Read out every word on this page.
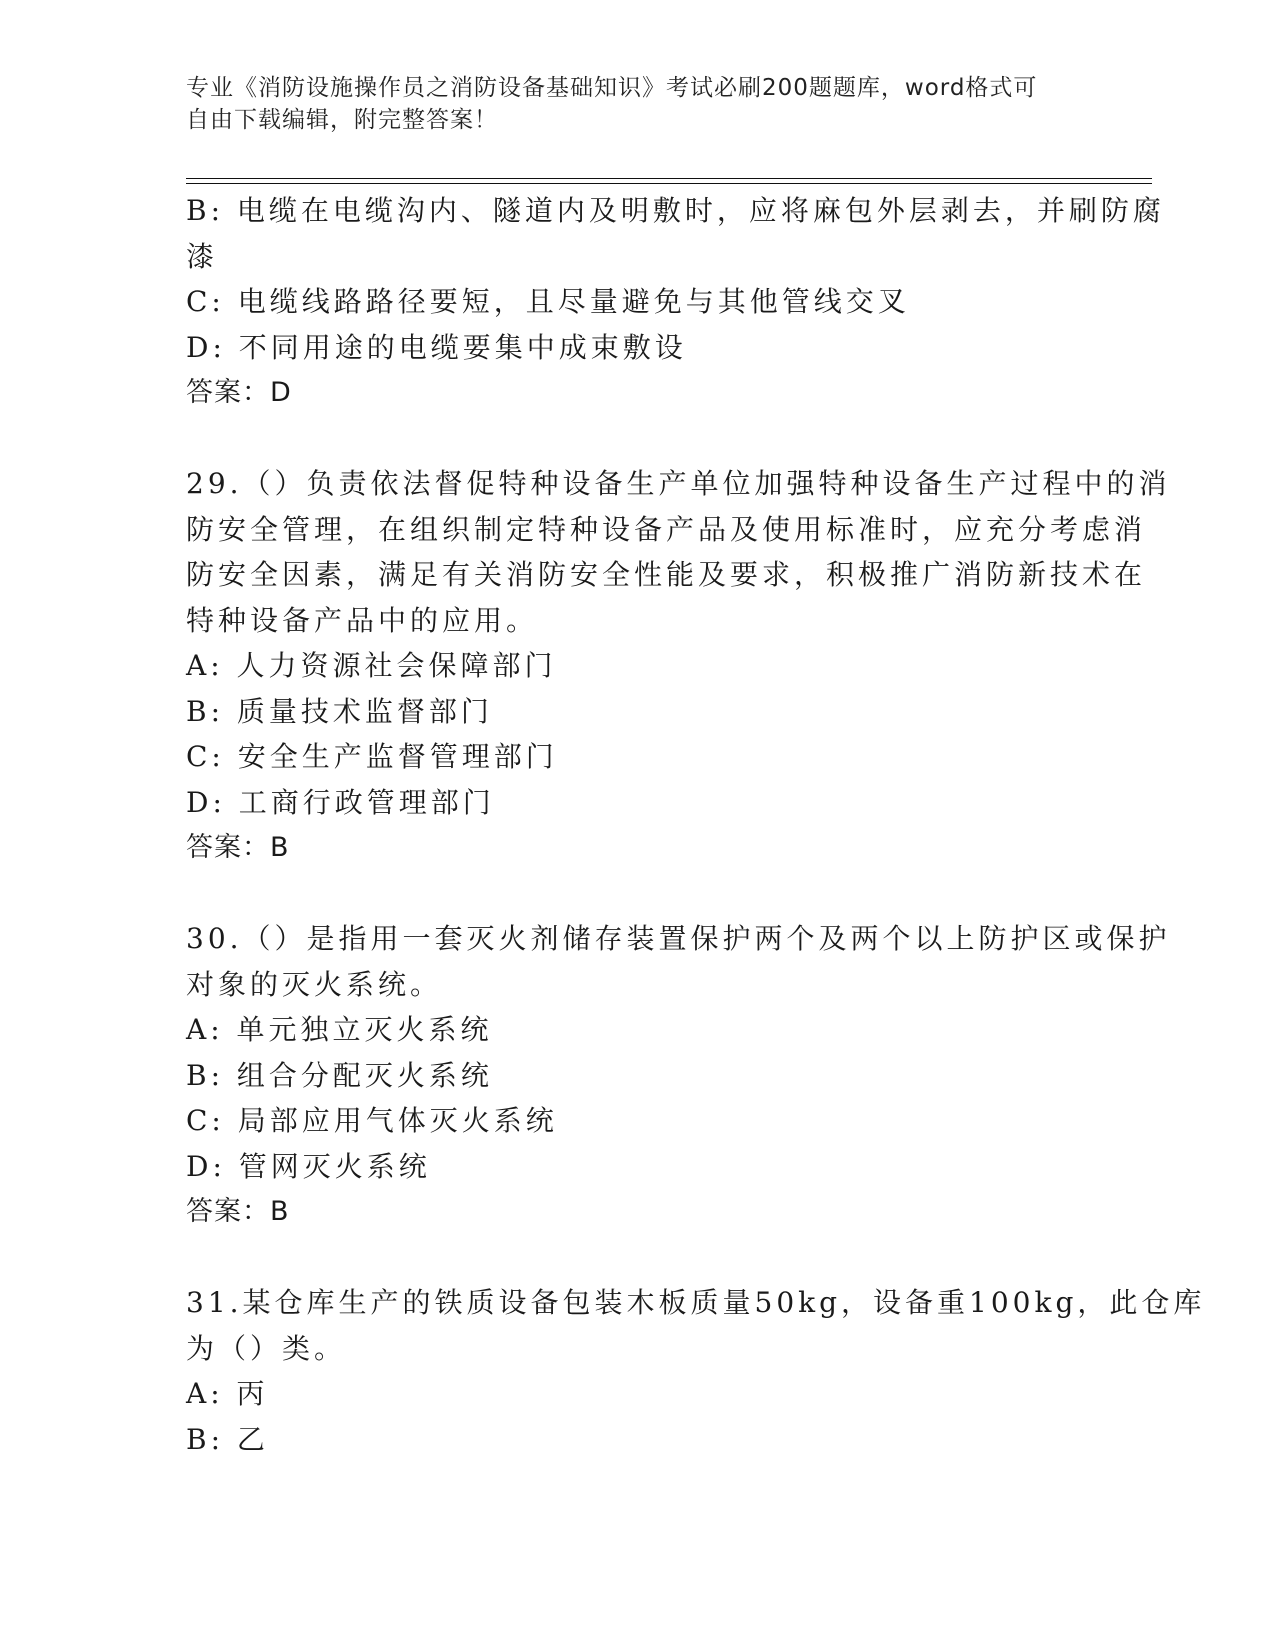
专业《消防设施操作员之消防设备基础知识》考试必刷200题题库，word格式可
自由下载编辑，附完整答案！
B: 电缆在电缆沟内、隧道内及明敷时，应将麻包外层剥去，并刷防腐
漆
C: 电缆线路路径要短，且尽量避免与其他管线交叉
D: 不同用途的电缆要集中成束敷设
答案：D
29.（）负责依法督促特种设备生产单位加强特种设备生产过程中的消
防安全管理，在组织制定特种设备产品及使用标准时，应充分考虑消
防安全因素，满足有关消防安全性能及要求，积极推广消防新技术在
特种设备产品中的应用。
A: 人力资源社会保障部门
B: 质量技术监督部门
C: 安全生产监督管理部门
D: 工商行政管理部门
答案：B
30.（）是指用一套灭火剂储存装置保护两个及两个以上防护区或保护
对象的灭火系统。
A: 单元独立灭火系统
B: 组合分配灭火系统
C: 局部应用气体灭火系统
D: 管网灭火系统
答案：B
31.某仓库生产的铁质设备包装木板质量50kg，设备重100kg，此仓库
为（）类。
A: 丙
B: 乙
